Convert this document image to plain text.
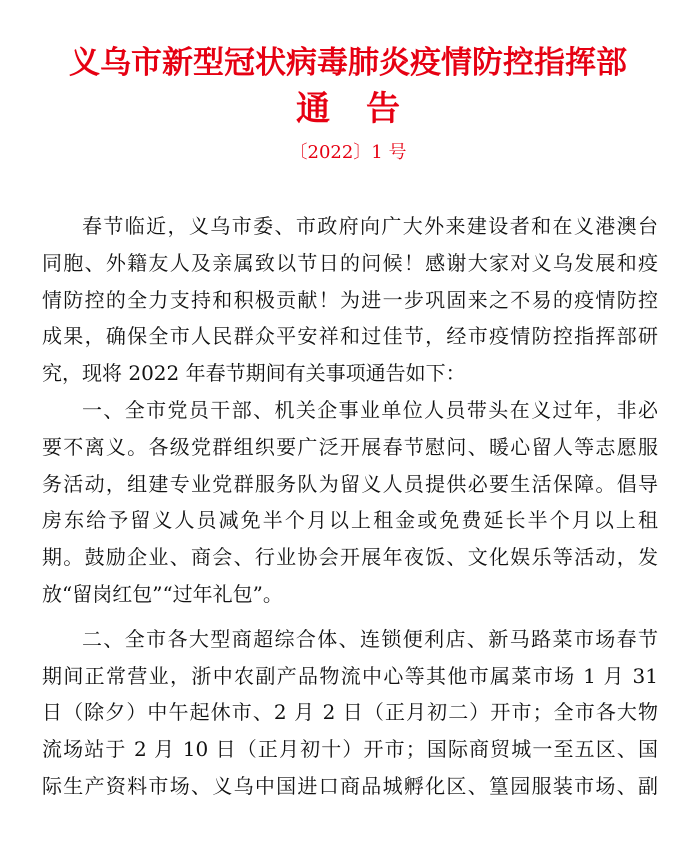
义乌市新型冠状病毒肺炎疫情防控指挥部
通告

〔2022〕1 号

春节临近，义乌市委、市政府向广大外来建设者和在义港澳台

同胞、外籍友人及亲属致以节日的问候！感谢大家对义乌发展和疫

情防控的全力支持和积极贡献！为进一步巩固来之不易的疫情防控

成果，确保全市人民群众平安祥和过佳节，经市疫情防控指挥部研

究，现将 2022 年春节期间有关事项通告如下：

一、全市党员干部、机关企事业单位人员带头在义过年，非必

要不离义。各级党群组织要广泛开展春节慰问、暖心留人等志愿服

务活动，组建专业党群服务队为留义人员提供必要生活保障。倡导

房东给予留义人员减免半个月以上租金或免费延长半个月以上租

期。鼓励企业、商会、行业协会开展年夜饭、文化娱乐等活动，发

放“留岗红包”“过年礼包”。

二、全市各大型商超综合体、连锁便利店、新马路菜市场春节

期间正常营业，浙中农副产品物流中心等其他市属菜市场 1 月 31

日（除夕）中午起休市、2 月 2 日（正月初二）开市；全市各大物

流场站于 2 月 10 日（正月初十）开市；国际商贸城一至五区、国

际生产资料市场、义乌中国进口商品城孵化区、篁园服装市场、副
